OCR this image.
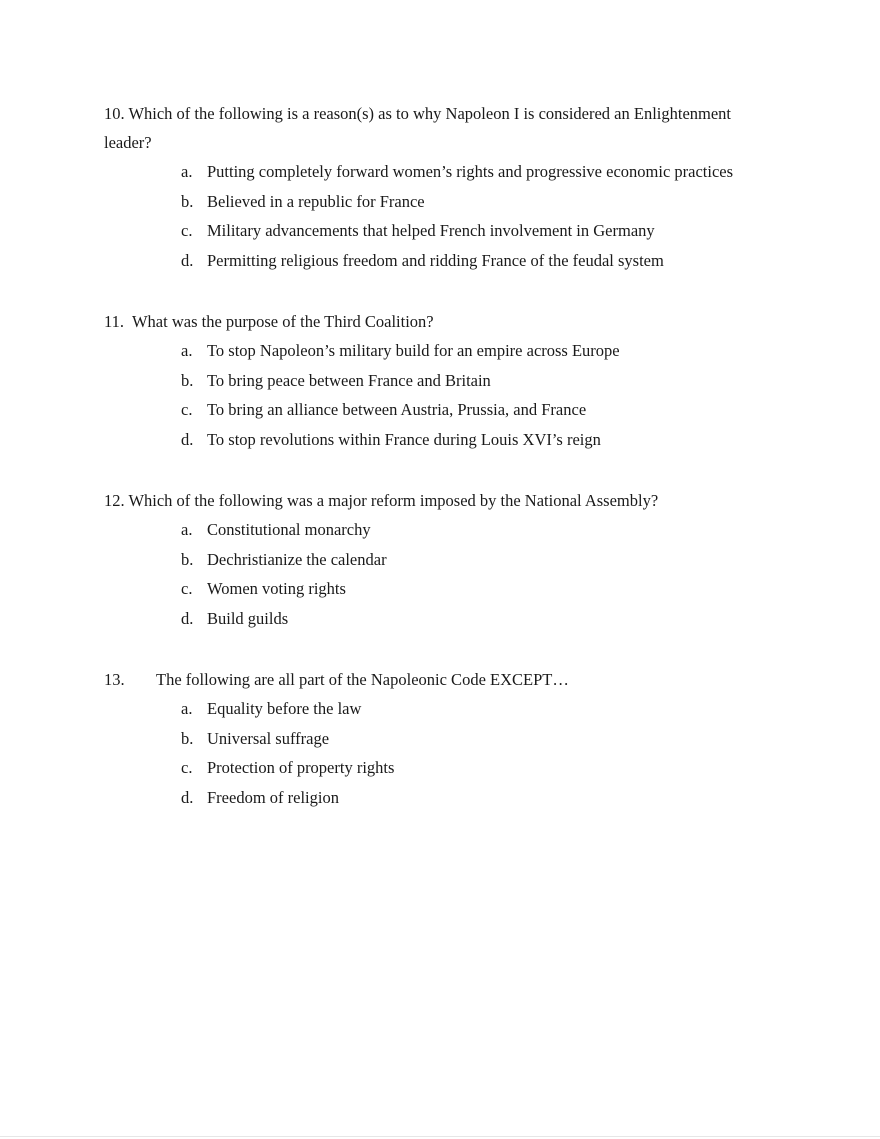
10. Which of the following is a reason(s) as to why Napoleon I is considered an Enlightenment leader?

a. Putting completely forward women’s rights and progressive economic practices
b. Believed in a republic for France
c. Military advancements that helped French involvement in Germany
d. Permitting religious freedom and ridding France of the feudal system

11. What was the purpose of the Third Coalition?

a. To stop Napoleon’s military build for an empire across Europe
b. To bring peace between France and Britain
c. To bring an alliance between Austria, Prussia, and France
d. To stop revolutions within France during Louis XVI’s reign

12. Which of the following was a major reform imposed by the National Assembly?

a. Constitutional monarchy
b. Dechristianize the calendar
c. Women voting rights
d. Build guilds

13. The following are all part of the Napoleonic Code EXCEPT…

a. Equality before the law
b. Universal suffrage
c. Protection of property rights
d. Freedom of religion
